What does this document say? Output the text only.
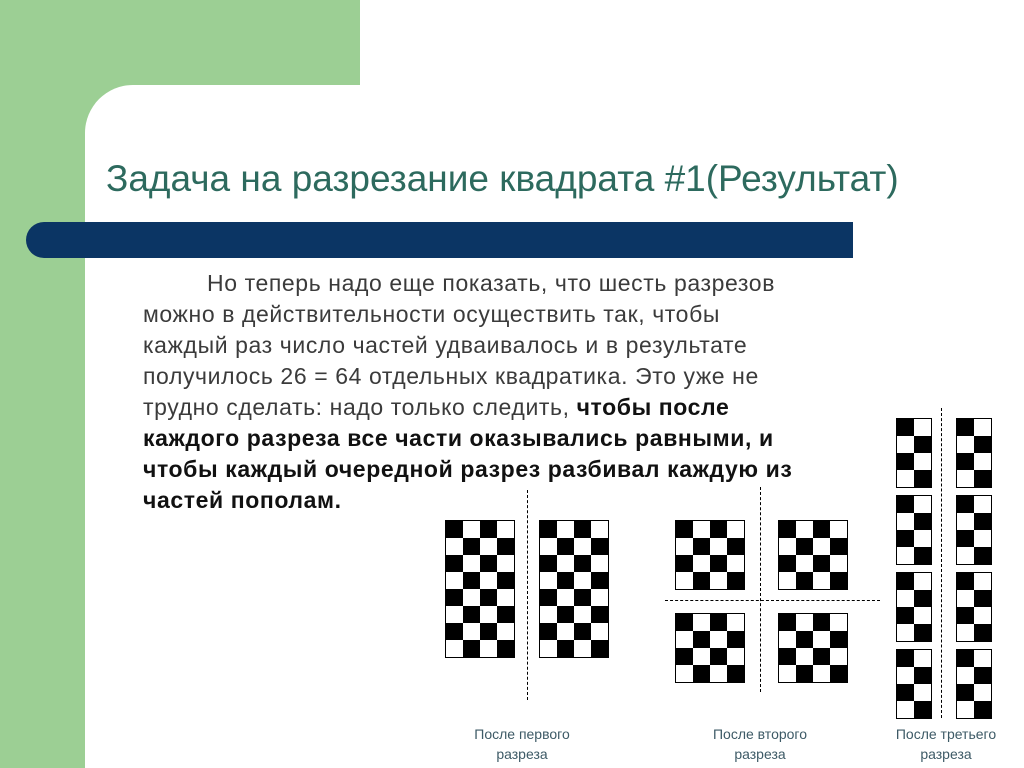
Задача на разрезание квадрата #1(Результат)
Но теперь надо еще показать, что шесть разрезов
можно в действительности осуществить так, чтобы
каждый раз число частей удваивалось и в результате
получилось 26 = 64 отдельных квадратика. Это уже не
трудно сделать: надо только следить, чтобы после
каждого разреза все части оказывались равными, и
чтобы каждый очередной разрез разбивал каждую из
частей пополам.
После первого
разреза
После второго
разреза
После третьего
разреза
